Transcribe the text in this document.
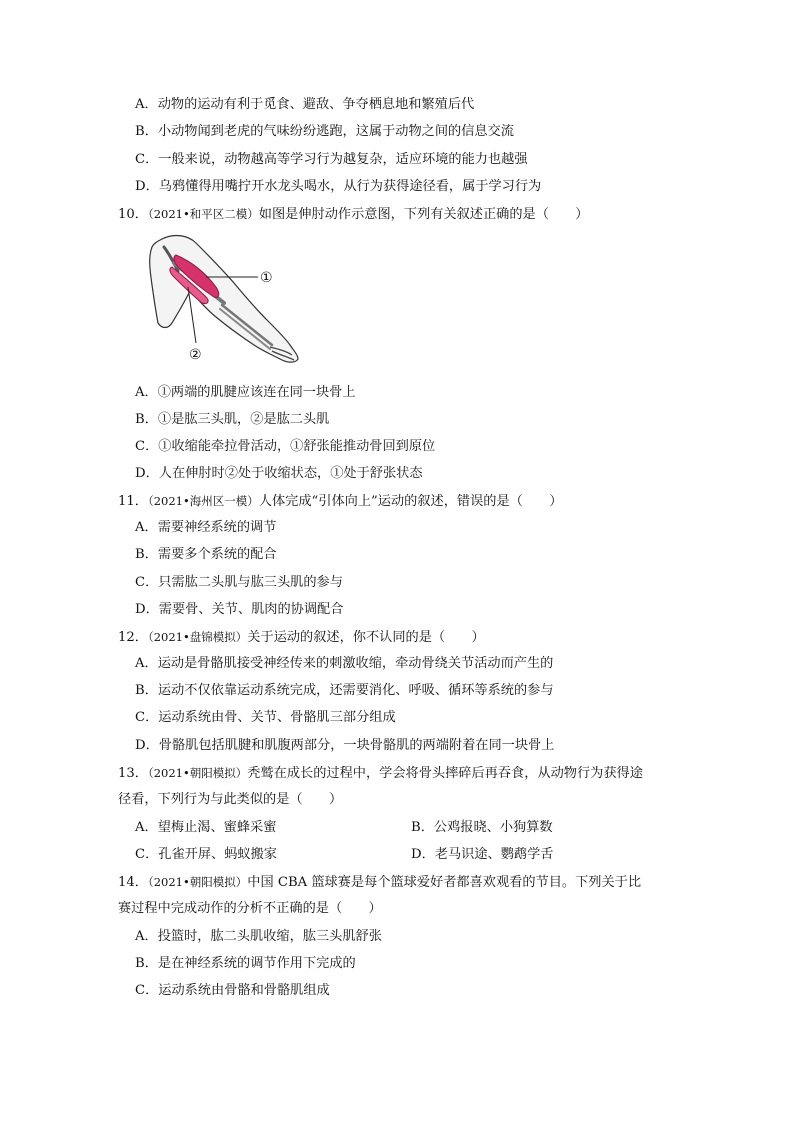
A．动物的运动有利于觅食、避敌、争夺栖息地和繁殖后代
B．小动物闻到老虎的气味纷纷逃跑，这属于动物之间的信息交流
C．一般来说，动物越高等学习行为越复杂，适应环境的能力也越强
D．乌鸦懂得用嘴拧开水龙头喝水，从行为获得途径看，属于学习行为
10．（2021•和平区二模）如图是伸肘动作示意图，下列有关叙述正确的是（　　）
①
②
A．①两端的肌腱应该连在同一块骨上
B．①是肱三头肌，②是肱二头肌
C．①收缩能牵拉骨活动，①舒张能推动骨回到原位
D．人在伸肘时②处于收缩状态，①处于舒张状态
11．（2021•海州区一模）人体完成“引体向上”运动的叙述，错误的是（　　）
A．需要神经系统的调节
B．需要多个系统的配合
C．只需肱二头肌与肱三头肌的参与
D．需要骨、关节、肌肉的协调配合
12．（2021•盘锦模拟）关于运动的叙述，你不认同的是（　　）
A．运动是骨骼肌接受神经传来的刺激收缩，牵动骨绕关节活动而产生的
B．运动不仅依靠运动系统完成，还需要消化、呼吸、循环等系统的参与
C．运动系统由骨、关节、骨骼肌三部分组成
D．骨骼肌包括肌腱和肌腹两部分，一块骨骼肌的两端附着在同一块骨上
13．（2021•朝阳模拟）秃鹫在成长的过程中，学会将骨头摔碎后再吞食，从动物行为获得途
径看，下列行为与此类似的是（　　）
A．望梅止渴、蜜蜂采蜜	B．公鸡报晓、小狗算数
C．孔雀开屏、蚂蚁搬家	D．老马识途、鹦鹉学舌
14．（2021•朝阳模拟）中国 CBA 篮球赛是每个篮球爱好者都喜欢观看的节目。下列关于比
赛过程中完成动作的分析不正确的是（　　）
A．投篮时，肱二头肌收缩，肱三头肌舒张
B．是在神经系统的调节作用下完成的
C．运动系统由骨骼和骨骼肌组成
